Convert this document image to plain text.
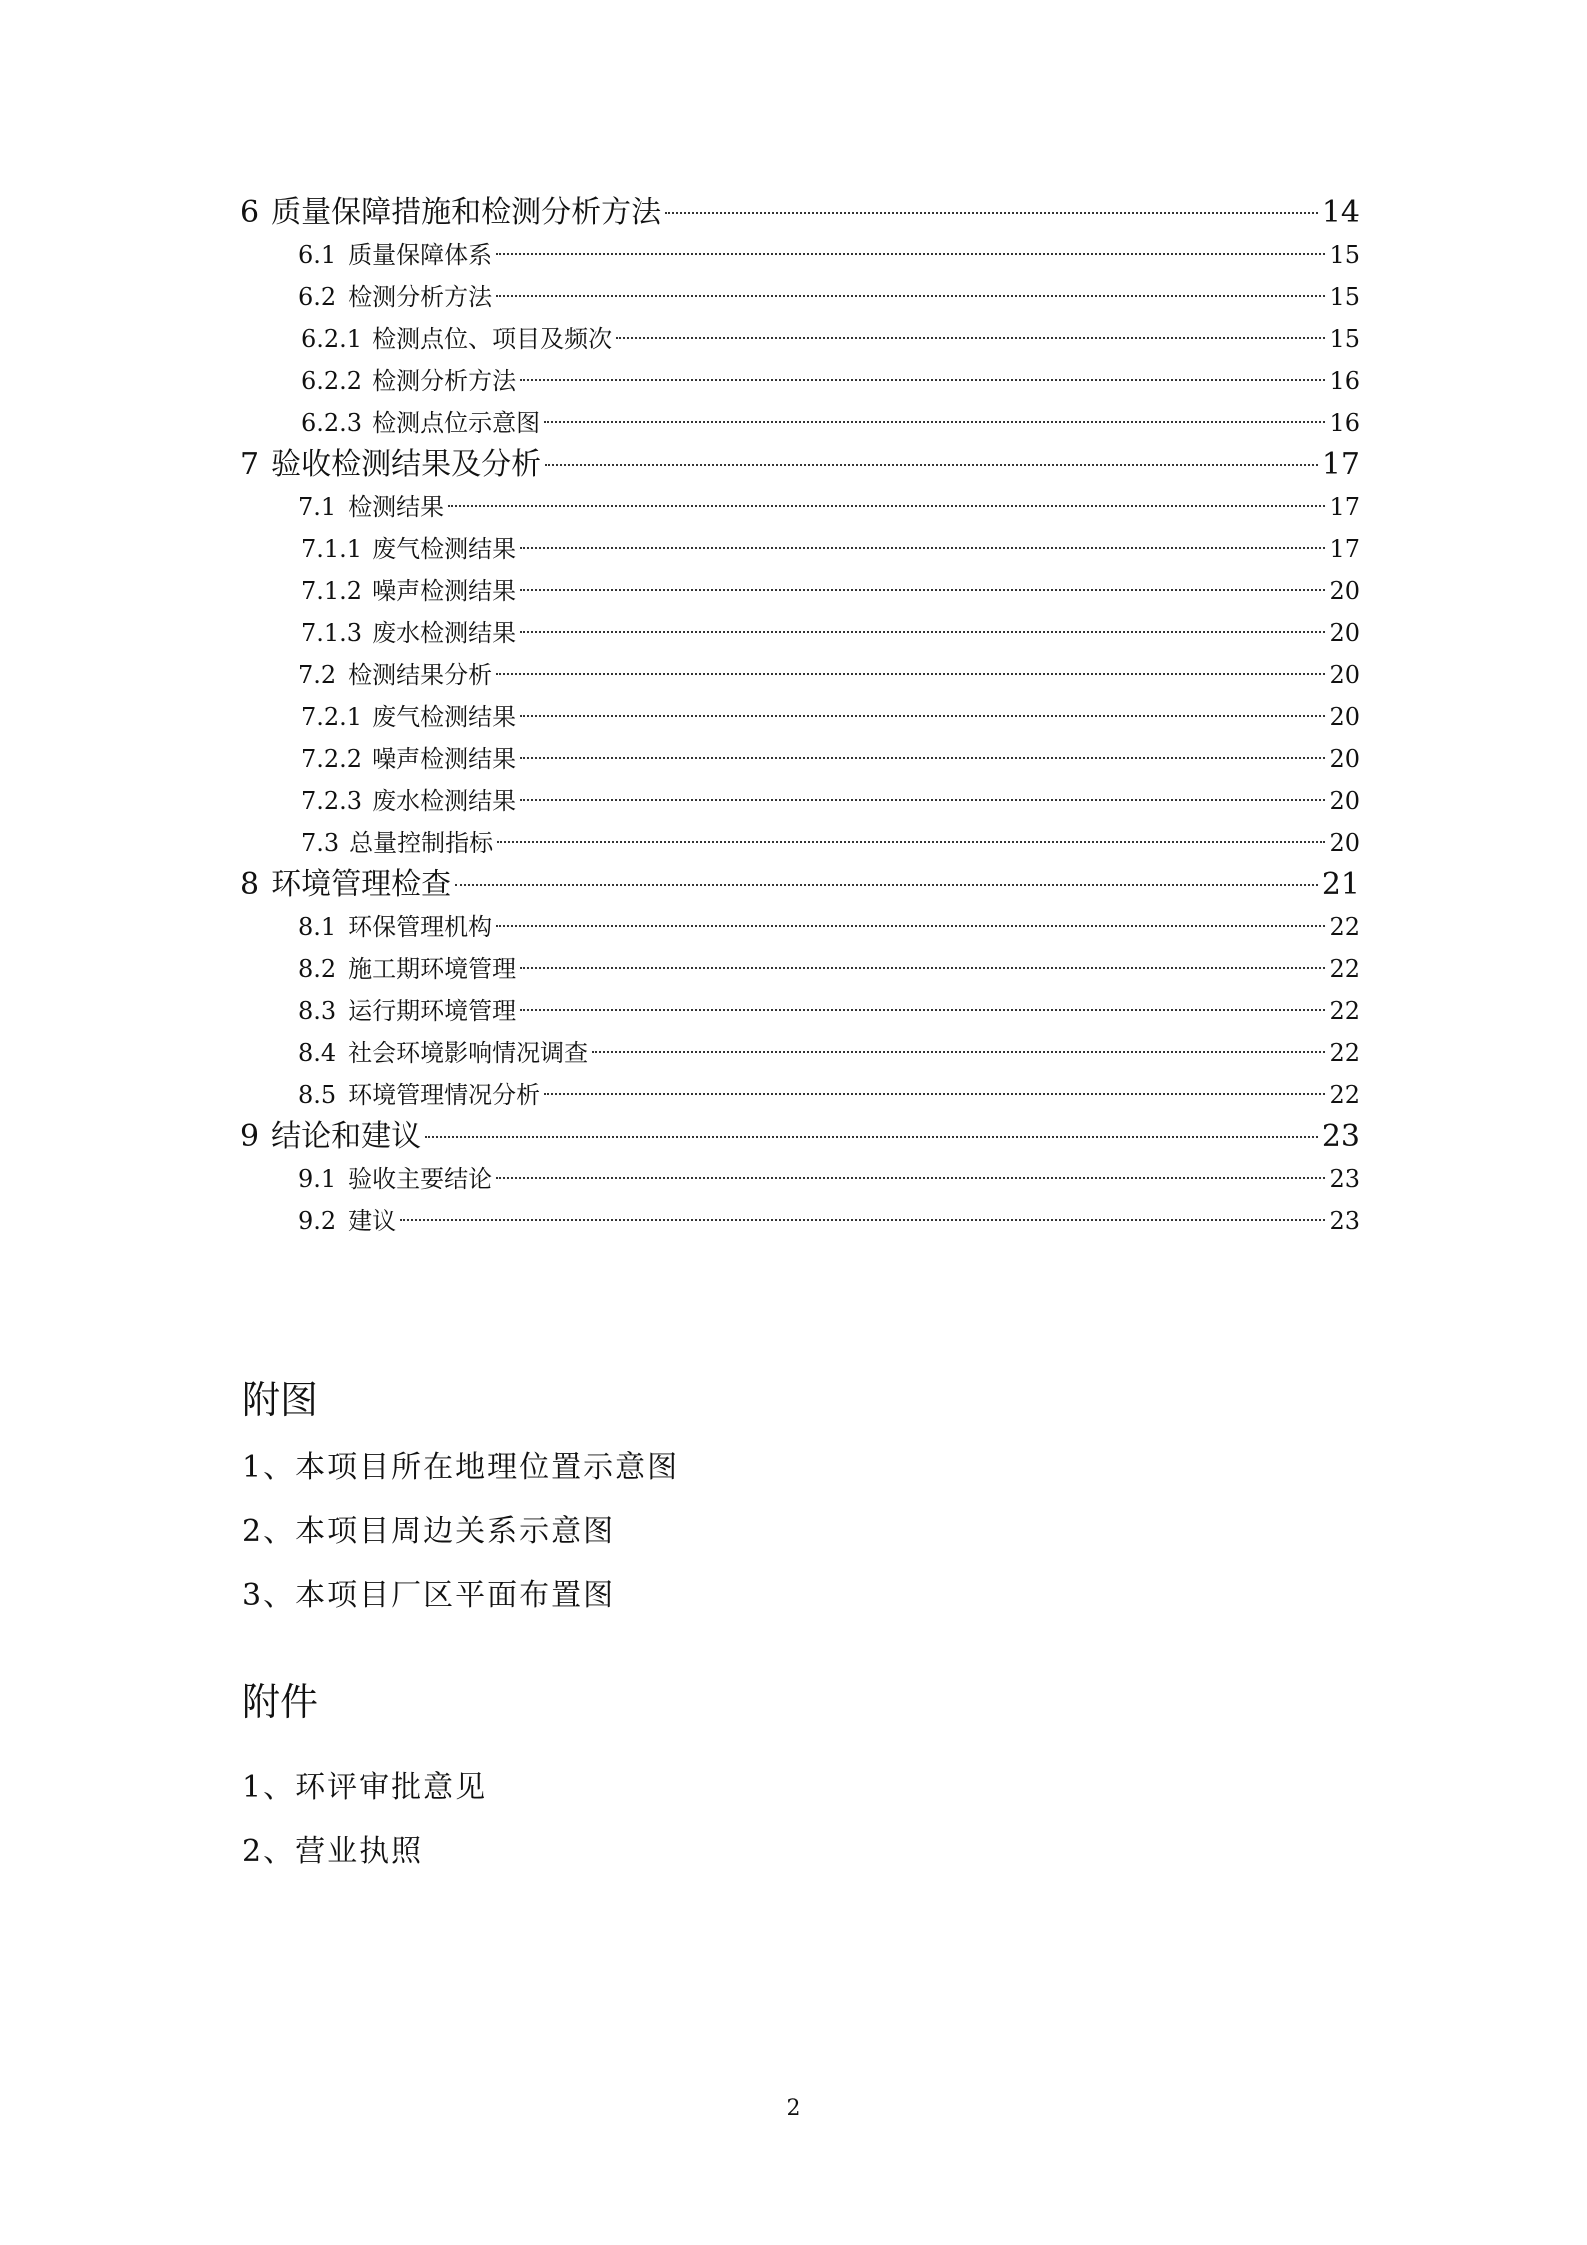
6 质量保障措施和检测分析方法	14
6.1 质量保障体系	15
6.2 检测分析方法	15
6.2.1 检测点位、项目及频次	15
6.2.2 检测分析方法	16
6.2.3 检测点位示意图	16
7 验收检测结果及分析	17
7.1 检测结果	17
7.1.1 废气检测结果	17
7.1.2 噪声检测结果	20
7.1.3 废水检测结果	20
7.2 检测结果分析	20
7.2.1 废气检测结果	20
7.2.2 噪声检测结果	20
7.2.3 废水检测结果	20
7.3 总量控制指标	20
8 环境管理检查	21
8.1 环保管理机构	22
8.2 施工期环境管理	22
8.3 运行期环境管理	22
8.4 社会环境影响情况调查	22
8.5 环境管理情况分析	22
9 结论和建议	23
9.1 验收主要结论	23
9.2 建议	23
附图
1、本项目所在地理位置示意图
2、本项目周边关系示意图
3、本项目厂区平面布置图
附件
1、环评审批意见
2、营业执照
2
